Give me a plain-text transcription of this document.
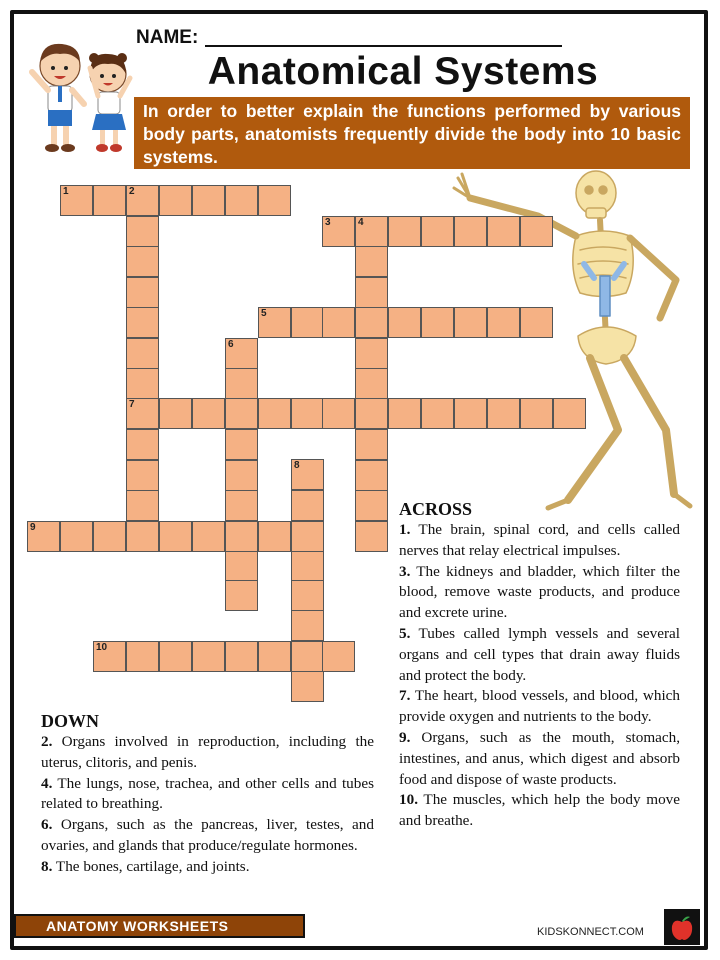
NAME:
Anatomical Systems
In order to better explain the functions performed by various body parts, anatomists frequently divide the body into 10 basic systems.
1	2
3	4
5
6
7
8
9
10
ACROSS

1. The brain, spinal cord, and cells called nerves that relay electrical impulses.

3. The kidneys and bladder, which filter the blood, remove waste products, and produce and excrete urine.

5. Tubes called lymph vessels and several organs and cell types that drain away fluids and protect the body.

7. The heart, blood vessels, and blood, which provide oxygen and nutrients to the body.

9. Organs, such as the mouth, stomach, intestines, and anus, which digest and absorb food and dispose of waste products.

10. The muscles, which help the body move and breathe.

DOWN

2. Organs involved in reproduction, including the uterus, clitoris, and penis.

4. The lungs, nose, trachea, and other cells and tubes related to breathing.

6. Organs, such as the pancreas, liver, testes, and ovaries, and glands that produce/regulate hormones.

8. The bones, cartilage, and joints.

ANATOMY WORKSHEETS	KIDSKONNECT.COM
